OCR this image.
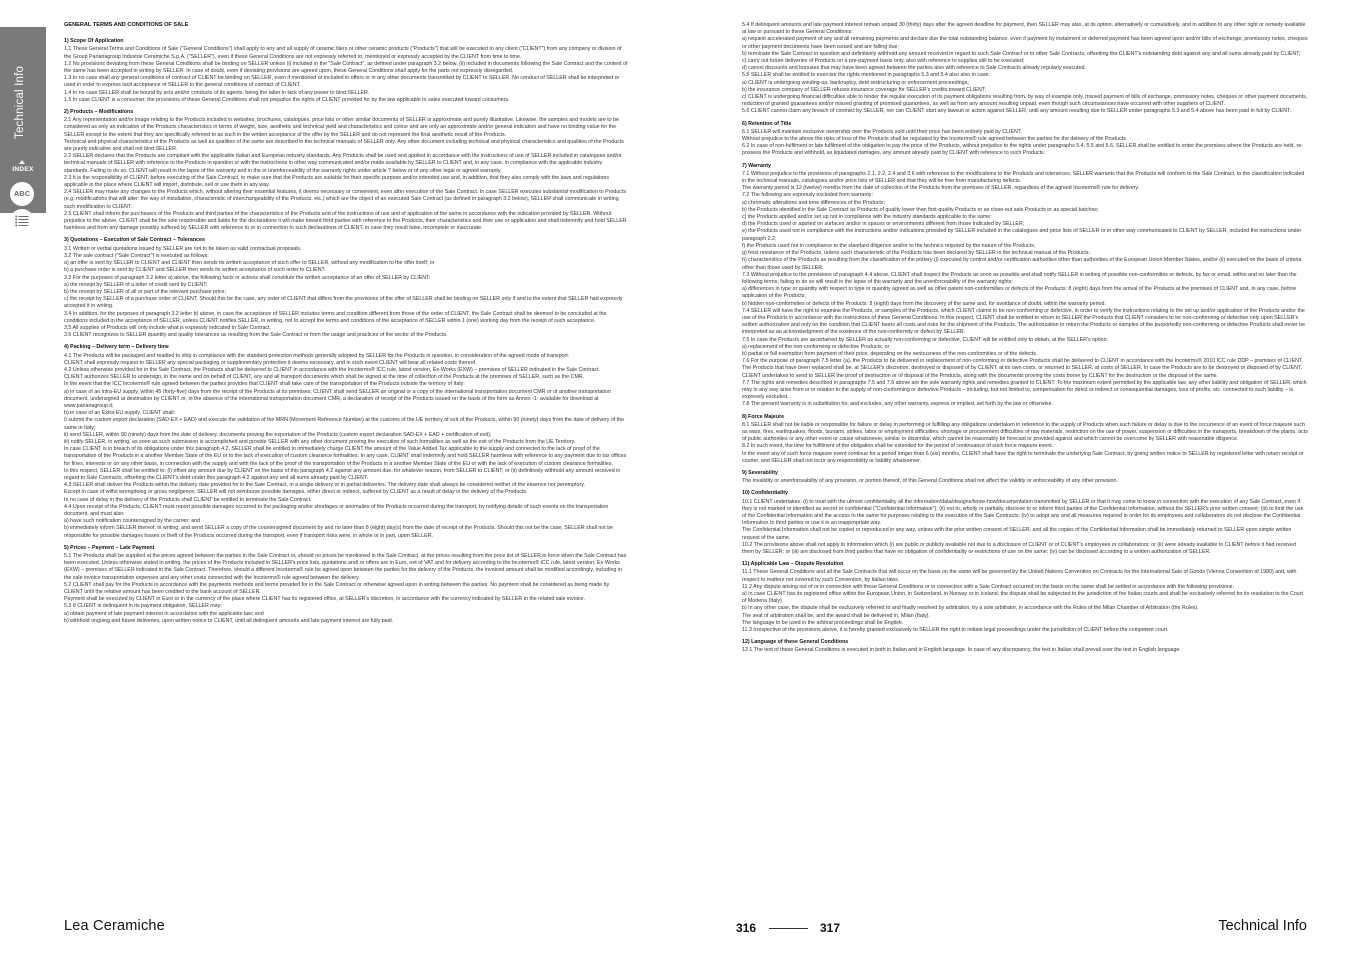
Technical Info
INDEX
ABC

GENERAL TERMS AND CONDITIONS OF SALE

1) Scope Of Application

1.1 These General Terms and Conditions of Sale ("General Conditions") shall apply to any and all supply of ceramic tilers or other ceramic products ("Products") that will be executed to any client ("CLIENT") from any company or division of the Group Panariagroup Industrie Ceramiche S.p.A. ("SELLER"), even if these General Conditions are not expressly referred to, mentioned or expressly accepted by the CLIENT from time to time.

1.2 No provisions deviating from these General Conditions shall be binding on SELLER unless (i) included in the "Sale Contract", as defined under paragraph 3.2 below, (ii) included in documents following the Sale Contract and the content of the same has been accepted in writing by SELLER. In case of doubt, even if deviating provisions are agreed upon, these General Conditions shall apply for the parts not expressly disregarded.

1.3 In no case shall any general conditions of contract of CLIENT be binding on SELLER, even if mentioned or included in offers or in any other documents transmitted by CLIENT to SELLER. No conduct of SELLER shall be interpreted or used in order to express tacit acceptance of SELLER to the general conditions of contract of CLIENT.

1.4 In no case SELLER shall be bound by acts and/or conducts of its agents, being the latter in lack of any power to bind SELLER.

1.5 In case CLIENT is a consumer, the provisions of these General Conditions shall not prejudice the rights of CLIENT provided for by the law applicable to sales executed toward consumers.

2) Products – Modifications

2.1 Any representation and/or image relating to the Products included in websites, brochures, catalogues, price lists or other similar documents of SELLER is approximate and purely illustrative. Likewise, the samples and models are to be considered as only an indication of the Products characteristics in terms of weight, size, aesthetic and technical yield and characteristics and colour and are only an approximate and/or general indication and have no binding value for the SELLER except to the extent that they are specifically referred to as such in the written acceptance of the offer by the SELLER and do not represent the final aesthetic result of the Products.

Technical and physical characteristics of the Products as well as qualities of the same are described in the technical manuals of SELLER only. Any other document including technical and physical characteristics and qualities of the Products are purely indicative and shall not bind SELLER.

2.2 SELLER declares that the Products are compliant with the applicable Italian and European industry standards. Any Products shall be used and applied in accordance with the instructions of use of SELLER included in catalogues and/or technical manuals of SELLER with reference to the Products in question or with the instructions in other way communicated and/or made available by SELLER to CLIENT and, in any case, in compliance with the applicable industry standards. Failing to do so, CLIENT will result in the lapse of the warranty and in the in unenforceability of the warranty rights under article 7 below or of any other legal or agreed warranty.

2.3 It is the responsibility of CLIENT, before executing of the Sale Contract, to make sure that the Products are suitable for their specific purpose and/or intended use and, in addition, that they also comply with the laws and regulations applicable in the place where CLIENT will import, distribute, sell or use them in any way.

2.4 SELLER may make any changes to the Products which, without altering their essential features, it deems necessary or convenient, even after execution of the Sale Contract. In case SELLER executes substantial modification to Products (e.g. modifications that will alter: the way of installation, characteristic of interchangeability of the Products, etc.) which are the object of an executed Sale Contract (as defined in paragraph 3.2 below), SELLER shall communicate in writing such modification to CLIENT.

2.5 CLIENT shall inform the purchasers of the Products and third parties of the characteristics of the Products and of the instructions of use and of application of the same in accordance with the indication provided by SELLER. Without prejudice to the above, CLIENT shall be the sole responsible and liable for the declarations it will make toward third parties with reference to the Products, their characteristics and their use or application and shall indemnify and hold SELLER harmless and from any damage possibly suffered by SELLER with reference to or in connection to such declarations of CLIENT, in case they result false, incomplete or inaccurate.

3) Quotations – Execution of Sale Contract – Tolerances

3.1 Written or verbal quotations issued by SELLER are not to be taken as valid contractual proposals.

3.2 The sale contract ("Sale Contract") is executed as follows:

a) an offer is sent by SELLER to CLIENT and CLIENT then sends its written acceptance of such offer to SELLER, without any modification to the offer itself; or

b) a purchase order is sent by CLIENT and SELLER then sends its written acceptance of such order to CLIENT.

3.3 For the purposes of paragraph 3.2 letter a) above, the following facts or actions shall constitute the written acceptance of an offer of SELLER by CLIENT:

a) the receipt by SELLER of a letter of credit sent by CLIENT;

b) the receipt by SELLER of all or part of the relevant purchase price;

c) the receipt by SELLER of a purchase order of CLIENT. Should this be the case, any order of CLIENT that differs from the provisions of the offer of SELLER shall be binding on SELLER only if and to the extent that SELLER had expressly accepted it in writing.

3.4 In addition, for the purposes of paragraph 3.2 letter b) above, in case the acceptance of SELLER includes terms and condition different from those of the order of CLIENT, the Sale Contract shall be deemed to be concluded at the conditions included in the acceptance of SELLER, unless CLIENT notifies SELLER, in writing, not to accept the terms and conditions of the acceptance of SELLER within 1 (one) working day from the receipt of such acceptance.

3.5 All supplies of Products will only include what is expressly indicated in Sale Contract.

3.6 CLIENT recognizes to SELLER quantity and quality tolerances as resulting from the Sale Contract or from the usage and practices of the sector of the Products.

4) Packing – Delivery term – Delivery time

4.1 The Products will be packaged and readied to ship in compliance with the standard protection methods generally adopted by SELLER for the Products in question, in consideration of the agreed mode of transport.

CLIENT shall expressly request to SELLER any special packaging or supplementary protection it deems necessary, and in such event CLIENT will bear all related costs thereof.

4.2 Unless otherwise provided for in the Sale Contract, the Products shall be delivered to CLIENT in accordance with the Incoterms® ICC rule, latest version, Ex-Works (EXW) – premises of SELLER indicated in the Sale Contract.

CLIENT authorizes SELLER to undersign, in the name and on behalf of CLIENT, any and all transport documents which shall be signed at the time of collection of the Products at the premises of SELLER, such as the CMR.

In the event that the ICC Incoterms® rule agreed between the parties provides that CLIENT shall take care of the transportation of the Products outside the territory of Italy:

a) in case of an intra-EU supply, within 45 (forty-five) days from the receipt of the Products at its premises, CLIENT shall send SELLER an original or a copy of the international transportation document CMR or of another transportation document, undersigned at destination by CLIENT or, in the absence of the international transportation document CMR, a declaration of receipt of the Products issued on the basis of the form as Annex -1- available for download at www.panariagroup.it;

b) in case of an Extra-EU supply, CLIENT shall:

i) submit the custom export declaration (SAD-EX + EAD) and execute the validation of the MRN (Movement Reference Number) at the customs of the UE territory of exit of the Products, within 90 (ninety) days from the date of delivery of the same in Italy;

ii) send SELLER, within 90 (ninety) days from the date of delivery, documents proving the exportation of the Products (custom export declaration SAD-EX + EAD + certification of exit);

iii) notify SELLER, in writing, as soon as such submission is accomplished and provide SELLER with any other document proving the execution of such formalities as well as the exit of the Products from the UE Territory.

In case CLIENT is in breach of its obligations under this paragraph 4.2, SELLER shall be entitled to immediately charge CLIENT the amount of the Value Added Tax applicable to the supply and connected to the lack of proof of the transportation of the Products in a another Member State of the EU or to the lack of execution of custom clearance formalities. In any case, CLIENT shall indemnify and hold SELLER harmless with reference to any payment due to tax offices for fines, interests or on any other basis, in connection with the supply and with the lack of the proof of the transportation of the Products in a another Member State of the EU or with the lack of execution of custom clearance formalities.

In this respect, SELLER shall be entitled to: (i) offset any amount due by CLIENT on the basis of this paragraph 4.2 against any amount due, for whatever reason, from SELLER to CLIENT; or (ii) definitively withhold any amount received in regard to Sale Contracts, offsetting the CLIENT's debt under this paragraph 4.2 against any and all sums already paid by CLIENT.

4.3 SELLER shall deliver the Products within the delivery date provided for in the Sale Contract, in a single delivery or in partial deliveries. The delivery date shall always be considered neither of the essence nor peremptory.

Except in case of wilful wrongdoing or gross negligence, SELLER will not reimburse possible damages, either direct or indirect, suffered by CLIENT as a result of delay in the delivery of the Products.

In no case of delay in the delivery of the Products shall CLIENT be entitled to terminate the Sale Contract.

4.4 Upon receipt of the Products, CLIENT must report possible damages occurred to the packaging and/or shortages or anomalies of the Products occurred during the transport, by notifying details of such events on the transportation document, and must also:

a) have such notification countersigned by the carrier; and

b) immediately inform SELLER thereof, in writing, and send SELLER a copy of the countersigned document by and no later than 8 (eight) day(s) from the date of receipt of the Products. Should this not be the case, SELLER shall not be responsible for possible damages losses or theft of the Products occurred during the transport, even if transport risks were, in whole or in part, upon SELLER.

5) Prices – Payment – Late Payment

5.1 The Products shall be supplied at the prices agreed between the parties in the Sale Contract or, should no prices be mentioned in the Sale Contract, at the prices resulting from the price list of SELLER in force when the Sale Contract has been executed. Unless otherwise stated in writing, the prices of the Products included in SELLER's price lists, quotations and/ or offers are in Euro, net of VAT and for delivery according to the Incoterms® ICC rule, latest version, Ex-Works (EXW) – premises of SELLER indicated in the Sale Contract. Therefore, should a different Incoterms® rule be agreed upon between the parties for the delivery of the Products, the invoiced amount shall be modified accordingly, including in the sale invoice transportation expenses and any other costs connected with the Incoterms® rule agreed between the delivery.

5.2 CLIENT shall pay for the Products in accordance with the payments methods and terms provided for in the Sale Contract or otherwise agreed upon in writing between the parties. No payment shall be considered as being made by CLIENT until the relative amount has been credited to the bank account of SELLER.

Payment shall be executed by CLIENT in Euro or in the currency of the place where CLIENT has its registered office, at SELLER's discretion, in accordance with the currency indicated by SELLER in the related sale invoice.

5.3 If CLIENT is delinquent in its payment obligation, SELLER may:

a) obtain payment of late payment interest in accordance with the applicable law; and

b) withhold ongoing and future deliveries, upon written notice to CLIENT, until all delinquent amounts and late payment interest are fully paid.

5.4 If delinquent amounts and late payment interest remain unpaid 30 (thirty) days after the agreed deadline for payment, then SELLER may also, at its option, alternatively or cumulatively, and in addition to any other right or remedy available at law or pursuant to these General Conditions:

a) request accelerated payment of any and all remaining payments and declare due the total outstanding balance, even if payment by instalment or deferred payment has been agreed upon and/or bills of exchange, promissory notes, cheques or other payment documents have been issued and are falling due;

b) terminate the Sale Contract in question and definitively withhold any amount received in regard to such Sale Contract or to other Sale Contracts, offsetting the CLIENT's outstanding debt against any and all sums already paid by CLIENT;

c) carry out future deliveries of Products on a pre-payment basis only, also with reference to supplies still to be executed;

d) cancel discounts and bonuses that may have been agreed between the parties also with reference to Sale Contracts already regularly executed.

5.5 SELLER shall be entitled to exercise the rights mentioned in paragraphs 5.3 and 5.4 also also in case:

a) CLIENT is undergoing winding-up, bankruptcy, debt restructuring or enforcement proceedings;

b) the insurance company of SELLER refuses insurance coverage for SELLER's credits toward CLIENT;

c) CLIENT is undergoing financial difficulties able to hinder the regular execution of its payment obligations resulting from, by way of example only, missed payment of bills of exchange, promissory notes, cheques or other payment documents, reduction of granted guarantees and/or missed granting of promised guarantees, as well as from any amount resulting unpaid, even though such circumstances have occurred with other suppliers of CLIENT.

5.6 CLIENT cannot claim any breach of contract by SELLER, nor can CLIENT start any lawsuit or action against SELLER, until any amount resulting due to SELLER under paragraphs 5.3 and 5.4 above has been paid in full by CLIENT.

6) Retention of Title

6.1 SELLER will maintain exclusive ownership over the Products sold until their price has been entirely paid by CLIENT.

Without prejudice to the above the risks of loss of the Products shall be regulated by the Incoterms® rule agreed between the parties for the delivery of the Products.

6.2 In case of non-fulfilment or late fulfilment of the obligation to pay the price of the Products, without prejudice to the rights under paragraphs 5.4, 5.5 and 5.6, SELLER shall be entitled to enter the premises where the Products are held, re-possess the Products and withhold, as liquidated damages, any amount already paid by CLIENT with reference to such Products.

7) Warranty

7.1 Without prejudice to the provisions of paragraphs 2.1, 2.2, 2.4 and 3.6 with reference to the modifications to the Products and tolerances, SELLER warrants that the Products will conform to the Sale Contract, to the classification indicated in the technical manuals, catalogues and/or price lists of SELLER and that they will be free from manufacturing defects.

The warranty period is 12 (twelve) months from the date of collection of the Products from the premises of SELLER, regardless of the agreed Incoterms® rule for delivery.

7.2 The following are expressly excluded from warranty:

a) chromatic alterations and tone differences of the Products;

b) the Products identified in the Sale Contract as Products of quality lower than first-quality Products or as close-out sale Products or as special batches;

c) the Products applied and/or set up not in compliance with the industry standards applicable to the same;

d) the Products used or applied on surfaces and/or in spaces or environments different from those indicated by SELLER;

e) the Products used not in compliance with the instructions and/or indications provided by SELLER included in the catalogues and price lists of SELLER or in other way communicated to CLIENT by SELLER, included the instructions under paragraph 2.2;

f) the Products used not in compliance to the standard diligence and/or to the technics required by the nature of the Products;

g) frost resistance of the Products, unless such characteristic of the Products has been declared by SELLER in the technical manual of the Products;

h) characteristics of the Products as resulting from the classification of the pottery (i) executed by control and/or certification authorities other than authorities of the European Union Member States, and/or (ii) executed on the basis of criteria other than those used by SELLER.

7.3 Without prejudice to the provisions of paragraph 4.4 above, CLIENT shall inspect the Products as soon as possible and shall notify SELLER in writing of possible non-conformities or defects, by fax or email, within and no later than the following terms; failing to do so will result in the lapse of the warranty and the unenforceability of the warranty rights:

a) differences in type or quantity with respect to type or quantity agreed as well as other patent non-conformities or defects of the Products: 8 (eight) days from the arrival of the Products at the premises of CLIENT and, in any case, before application of the Products;

b) hidden non-conformities or defects of the Products: 8 (eight) days from the discovery of the same and, for avoidance of doubt, within the warranty period.

7.4 SELLER will have the right to examine the Products, or samples of the Products, which CLIENT claims to be non-conforming or defective, in order to verify the instructions relating to the set up and/or application of the Products and/or the use of the Products in accordance with the instructions of these General Conditions. In this respect, CLIENT shall be entitled to return to SELLER the Products that CLIENT considers to be non-conforming or defective only upon SELLER's written authorization and only on the condition that CLIENT bears all costs and risks for the shipment of the Products. The authorization to return the Products or samples of the purportedly non-conforming or defective Products shall never be interpreted as an acknowledgment of the existence of the non-conformity or defect by SELLER.

7.5 In case the Products are ascertained by SELLER as actually non-conforming or defective, CLIENT will be entitled only to obtain, at the SELLER's option:

a) replacement of the non-conforming or defective Products; or

b) partial or full exemption from payment of their price, depending on the seriousness of the non-conformities or of the defects.

7.6 For the purpose of paragraph 7.5 letter (a), the Products to be delivered in replacement of non-conforming or defective Products shall be delivered to CLIENT in accordance with the Incoterms® 2010 ICC rule DDP – premises of CLIENT. The Products that have been replaced shall be, at SELLER's discretion, destroyed or disposed of by CLIENT, at its own costs, or returned to SELLER, at costs of SELLER. In case the Products are to be destroyed or disposed of by CLIENT, CLIENT undertakes to send to SELLER the proof of destruction or of disposal of the Products, along with the documents proving the costs borne by CLIENT for the destruction or the disposal of the same.

7.7 The rights and remedies described in paragraphs 7.5 and 7.6 above are the sole warranty rights and remedies granted to CLIENT. To the maximum extent permitted by the applicable law, any other liability and obligation of SELLER, which may in any way arise from or in relation to the supply of non-conforming or defective Products – including, but not limited to, compensation for direct or indirect or consequential damages, loss of profits, etc. connected to such liability – is expressly excluded.

7.8 The present warranty is in substitution for, and excludes, any other warranty, express or implied, set forth by the law or otherwise.

8) Force Majeure

8.1 SELLER shall not be liable or responsible for failure or delay in performing or fulfilling any obligations undertaken in reference to the supply of Products when such failure or delay is due to the occurrence of an event of force majeure such as wars, fires, earthquakes, floods, tsunami, strikes, labor or employment difficulties, shortage or procurement difficulties of raw materials, restriction on the use of power, suspension or difficulties in the transports, breakdown of the plants, acts of public authorities or any other event or cause whatsoever, similar or dissimilar, which cannot be reasonably be forecast or provided against and which cannot be overcome by SELLER with reasonable diligence.

8.2 In such event, the time for fulfilment of the obligation shall be extended for the period of continuance of such force majeure event.

In the event any of such force majeure event continue for a period longer than 6 (six) months, CLIENT shall have the right to terminate the underlying Sale Contract, by giving written notice to SELLER by registered letter with return receipt or courier, and SELLER shall not incur any responsibility or liability whatsoever.

9) Severability

The invalidity or unenforceability of any provision, or portion thereof, of this General Conditions shall not affect the validity or enforceability of any other provision.

10) Confidentiality

10.1 CLIENT undertakes: (i) to treat with the utmost confidentiality all the information/data/designs/know-how/documentation transmitted by SELLER or that it may come to know in connection with the execution of any Sale Contract, even if they is not marked or identified as secret or confidential ("Confidential Information"); (ii) not to, wholly or partially, disclose to or inform third parties of the Confidential Information, without the SELLER's prior written consent; (iii) to limit the use of the Confidential Information and the access to the same for purposes relating to the execution of the Sale Contracts; (iv) to adopt any and all measures required in order for its employees and collaborators do not disclose the Confidential Information to third parties or use it in an inappropriate way.

The Confidential Information shall not be copied or reproduced in any way, unless with the prior written consent of SELLER, and all the copies of the Confidential Information shall be immediately returned to SELLER upon simple written request of the same.

10.2 The provisions above shall not apply to information which (i) are public or publicly available not due to a disclosure of CLIENT or of CLIENT's employees or collaborators; or (ii) were already available to CLIENT before it had received them by SELLER; or (iii) are disclosed from third parties that have no obligation of confidentiality or restrictions of use on the same; (iv) can be disclosed according to a written authorization of SELLER.

11) Applicable Law – Dispute Resolution

11.1 These General Conditions and all the Sale Contracts that will occur on the basis on the same will be governed by the United Nations Convention on Contracts for the International Sale of Goods (Vienna Convention of 1980) and, with respect to matters not covered by such Convention, by Italian laws.

11.2 Any dispute arising out of or in connection with these General Conditions or in connection with a Sale Contract occurred on the basis on the same shall be settled in accordance with the following provisions:

a) In case CLIENT has its registered office within the European Union, in Switzerland, in Norway or in Iceland, the dispute shall be subjected to the jurisdiction of the Italian courts and shall be exclusively referred for its resolution to the Court of Modena (Italy).

b) In any other case, the dispute shall be exclusively referred to and finally resolved by arbitration, by a sole arbitrator, in accordance with the Rules of the Milan Chamber of Arbitration (the Rules).

The seat of arbitration shall be, and the award shall be delivered in, Milan (Italy).

The language to be used in the arbitral proceedings shall be English.

11.3 Irrespective of the provisions above, it is hereby granted exclusively to SELLER the right to initiate legal proceedings under the jurisdiction of CLIENT before the competent court.

12) Language of these General Conditions

12.1 The text of these General Conditions is executed in both in Italian and in English language. In case of any discrepancy, the text in Italian shall prevail over the text in English language

Lea Ceramiche	316	317	Technical Info
